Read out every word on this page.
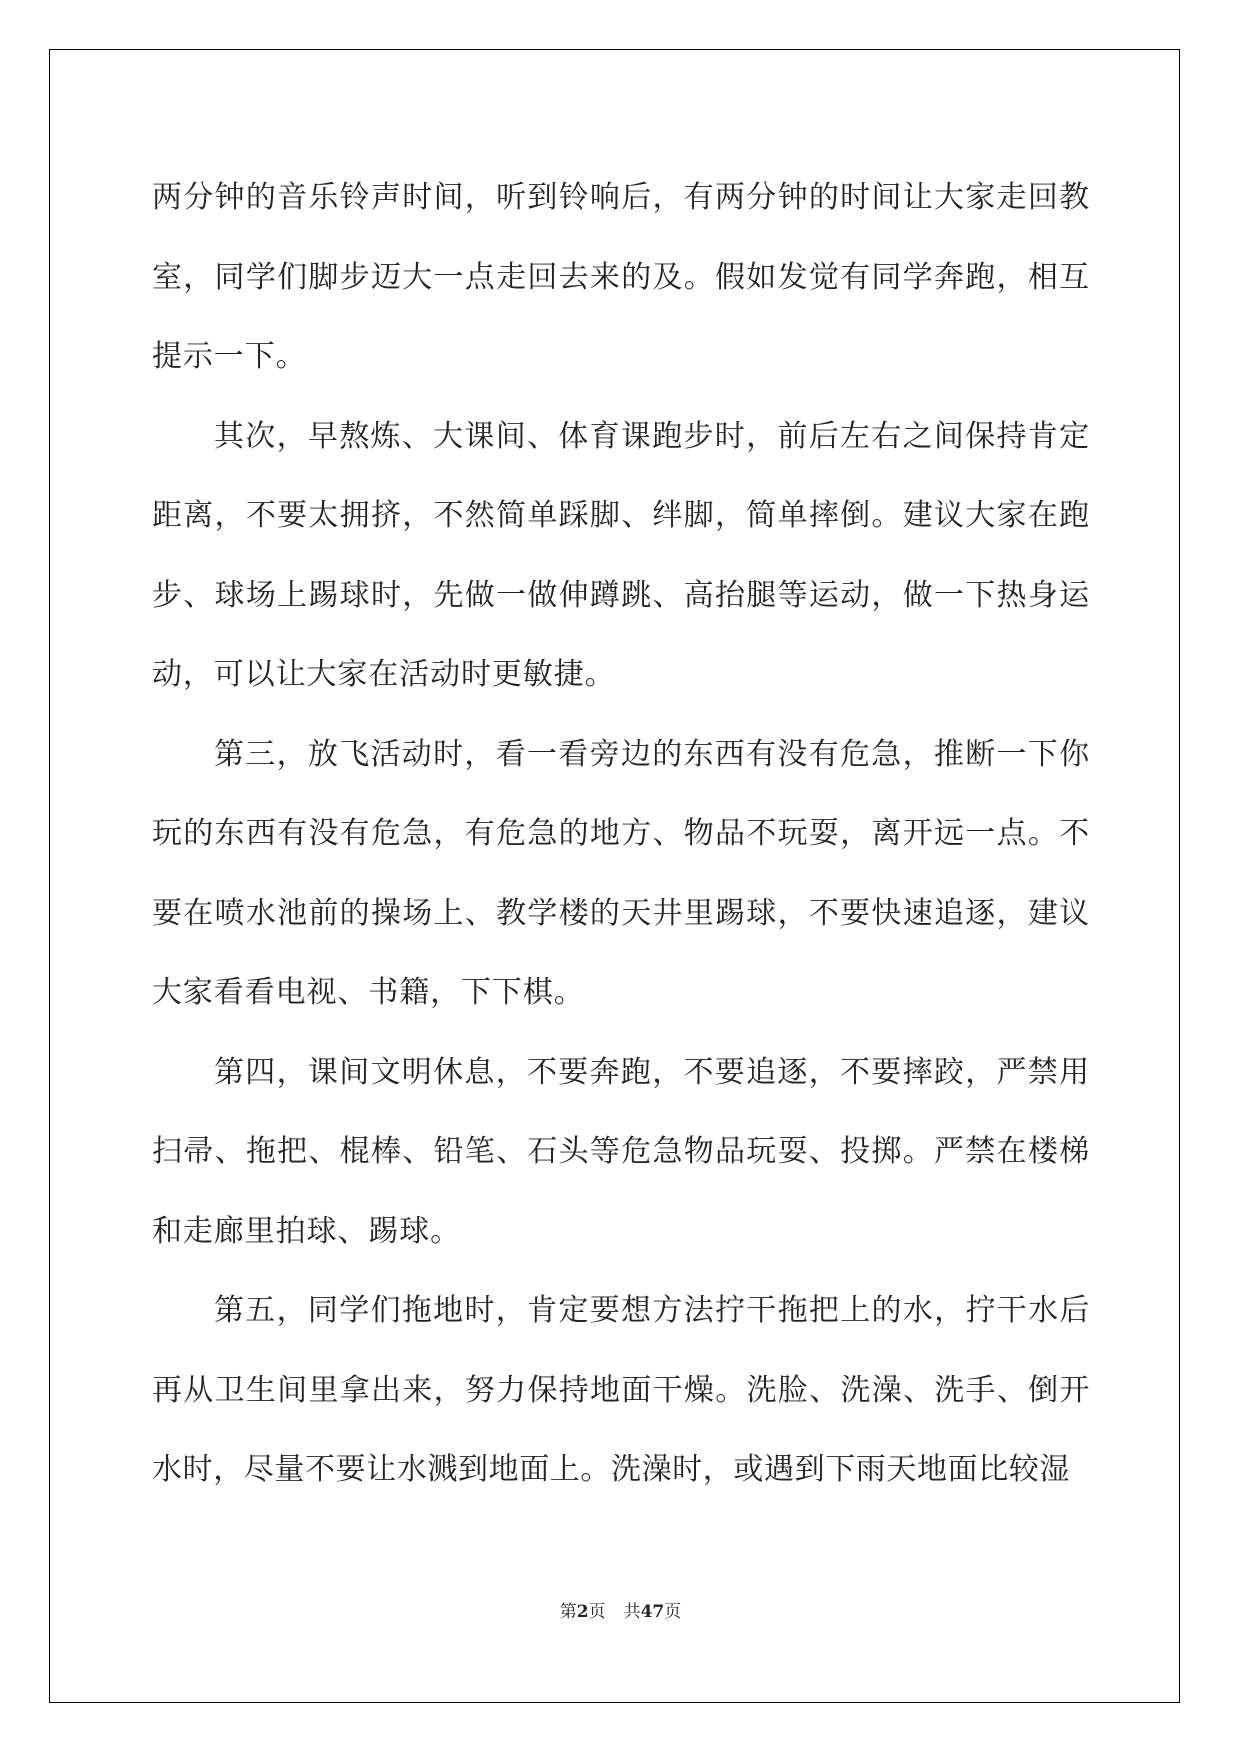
两分钟的音乐铃声时间，听到铃响后，有两分钟的时间让大家走回教室，同学们脚步迈大一点走回去来的及。假如发觉有同学奔跑，相互提示一下。

其次，早熬炼、大课间、体育课跑步时，前后左右之间保持肯定距离，不要太拥挤，不然简单踩脚、绊脚，简单摔倒。建议大家在跑步、球场上踢球时，先做一做伸蹲跳、高抬腿等运动，做一下热身运动，可以让大家在活动时更敏捷。

第三，放飞活动时，看一看旁边的东西有没有危急，推断一下你玩的东西有没有危急，有危急的地方、物品不玩耍，离开远一点。不要在喷水池前的操场上、教学楼的天井里踢球，不要快速追逐，建议大家看看电视、书籍，下下棋。

第四，课间文明休息，不要奔跑，不要追逐，不要摔跤，严禁用扫帚、拖把、棍棒、铅笔、石头等危急物品玩耍、投掷。严禁在楼梯和走廊里拍球、踢球。

第五，同学们拖地时，肯定要想方法拧干拖把上的水，拧干水后再从卫生间里拿出来，努力保持地面干燥。洗脸、洗澡、洗手、倒开水时，尽量不要让水溅到地面上。洗澡时，或遇到下雨天地面比较湿

第2页 共47页
